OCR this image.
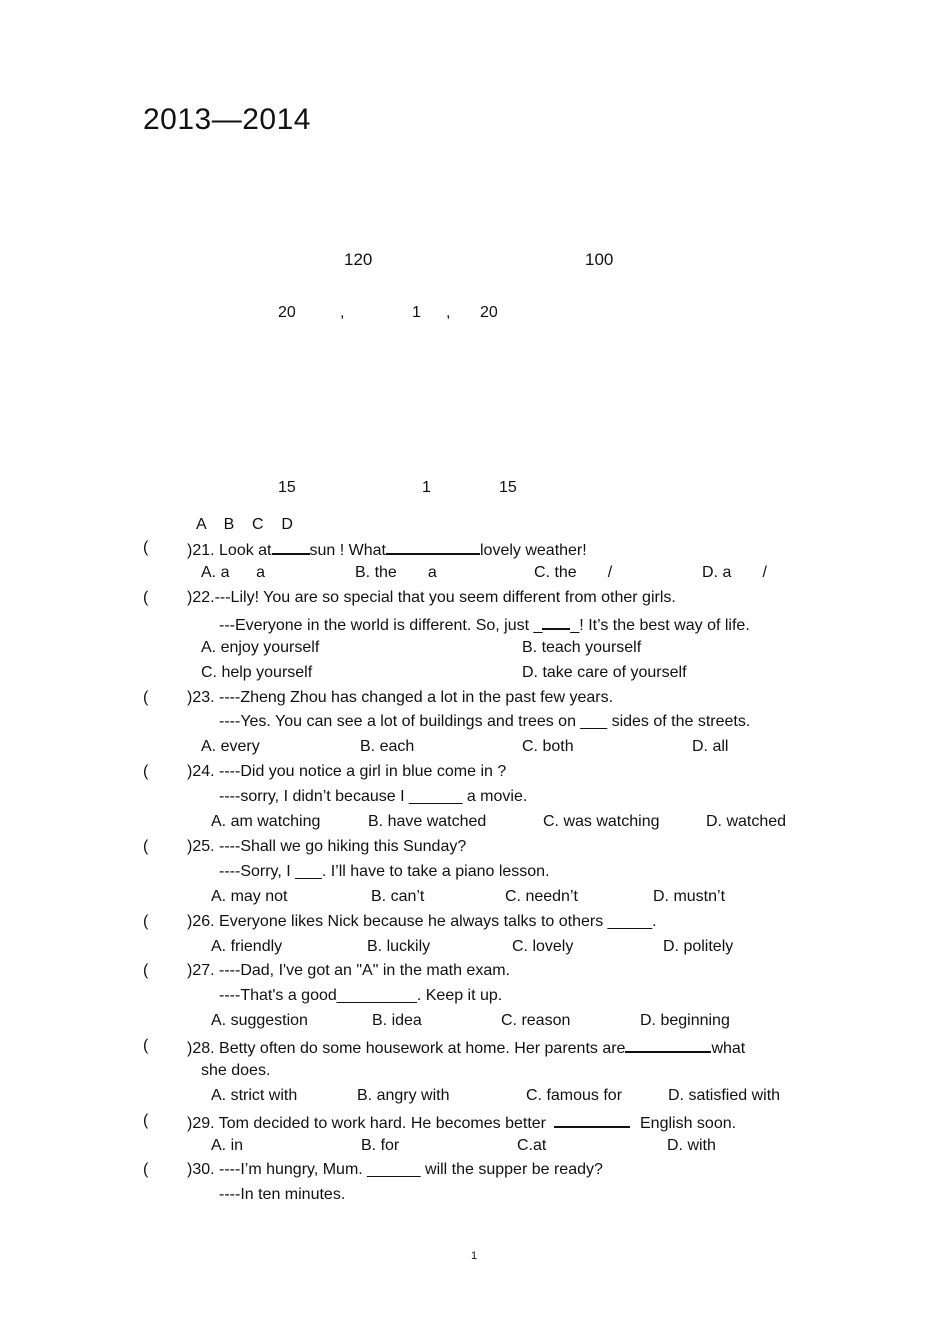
2013—2014
120	100
20	,	1 , 20
15	1	15
A    B    C    D
( )21. Look at sun ! What	lovely weather!
A. a      a	B. the       a	C. the       /	D. a       /
( )22.---Lily! You are so special that you seem different from other girls.
---Everyone in the world is different. So, just _ _! It’s the best way of life.
A. enjoy yourself	B. teach yourself
C. help yourself	D. take care of yourself
( )23. ----Zheng Zhou has changed a lot in the past few years.
----Yes. You can see a lot of buildings and trees on ___ sides of the streets.
A. every	B. each	C. both	D. all
( )24. ----Did you notice a girl in blue come in ?
----sorry, I didn’t because I ______ a movie.
A. am watching	B. have watched	C. was watching	D. watched
( )25. ----Shall we go hiking this Sunday?
----Sorry, I ___. I’ll have to take a piano lesson.
A. may not	B. can’t	C. needn’t	D. mustn’t
( )26. Everyone likes Nick because he always talks to others _____.
A. friendly	B. luckily	C. lovely	D. politely
( )27. ----Dad, I've got an "A" in the math exam.
----That's a good_________. Keep it up.
A. suggestion	B. idea	C. reason	D. beginning
( )28. Betty often do some housework at home. Her parents are	what
she does.
A. strict with	B. angry with	C. famous for	D. satisfied with
( )29. Tom decided to work hard. He becomes better	English soon.
A. in	B. for	C.at	D. with
( )30. ----I’m hungry, Mum. ______ will the supper be ready?
----In ten minutes.
1
